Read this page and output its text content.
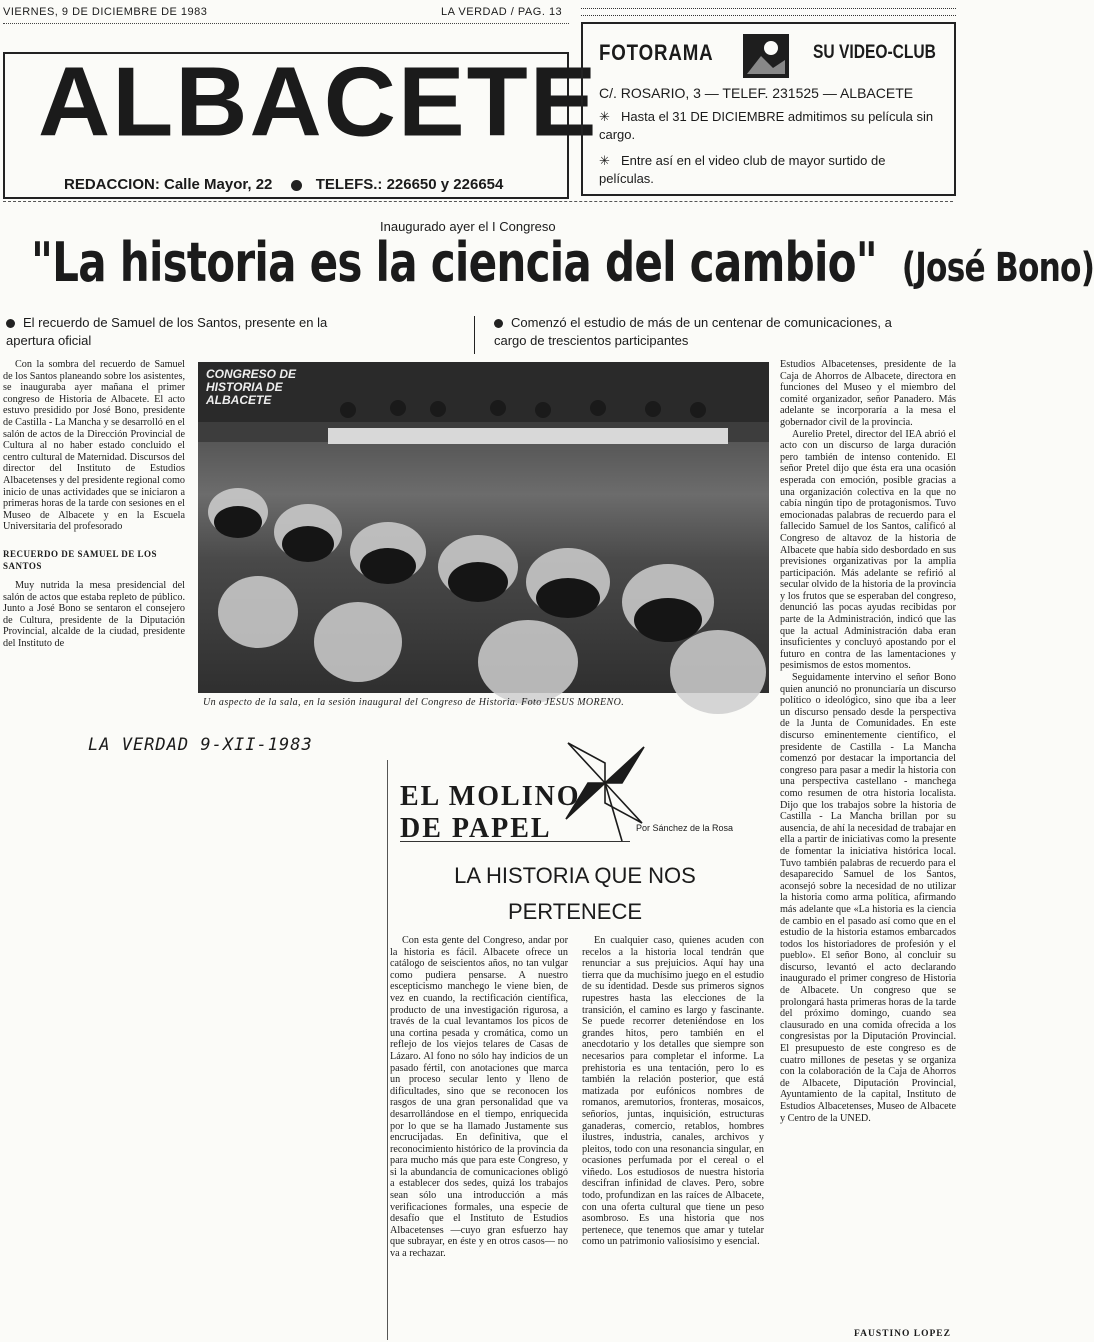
VIERNES, 9 DE DICIEMBRE DE 1983	LA VERDAD / PAG. 13
ALBACETE
REDACCION: Calle Mayor, 22	TELEFS.: 226650 y 226654
FOTORAMA	SU VIDEO-CLUB
C/. ROSARIO, 3 — TELEF. 231525 — ALBACETE
✳ Hasta el 31 DE DICIEMBRE admitimos su película sin cargo.
✳ Entre así en el video club de mayor surtido de películas.
Inaugurado ayer el I Congreso
"La historia es la ciencia del cambio" (José Bono)
El recuerdo de Samuel de los Santos, presente en la apertura oficial
Comenzó el estudio de más de un centenar de comunicaciones, a cargo de trescientos participantes

Con la sombra del recuerdo de Samuel de los Santos planeando sobre los asistentes, se inauguraba ayer mañana el primer congreso de Historia de Albacete. El acto estuvo presidido por José Bono, presidente de Castilla - La Mancha y se desarrolló en el salón de actos de la Dirección Provincial de Cultura al no haber estado concluido el centro cultural de Maternidad. Discursos del director del Instituto de Estudios Albacetenses y del presidente regional como inicio de unas actividades que se iniciaron a primeras horas de la tarde con sesiones en el Museo de Albacete y en la Escuela Universitaria del profesorado

RECUERDO DE SAMUEL DE LOS SANTOS

Muy nutrida la mesa presidencial del salón de actos que estaba repleto de público. Junto a José Bono se sentaron el consejero de Cultura, presidente de la Diputación Provincial, alcalde de la ciudad, presidente del Instituto de

CONGRESO DE HISTORIA DE ALBACETE
Un aspecto de la sala, en la sesión inaugural del Congreso de Historia. Foto JESUS MORENO.

Estudios Albacetenses, presidente de la Caja de Ahorros de Albacete, directora en funciones del Museo y el miembro del comité organizador, señor Panadero. Más adelante se incorporaría a la mesa el gobernador civil de la provincia.

Aurelio Pretel, director del IEA abrió el acto con un discurso de larga duración pero también de intenso contenido. El señor Pretel dijo que ésta era una ocasión esperada con emoción, posible gracias a una organización colectiva en la que no cabía ningún tipo de protagonismos. Tuvo emocionadas palabras de recuerdo para el fallecido Samuel de los Santos, calificó al Congreso de altavoz de la historia de Albacete que había sido desbordado en sus previsiones organizativas por la amplia participación. Más adelante se refirió al secular olvido de la historia de la provincia y los frutos que se esperaban del congreso, denunció las pocas ayudas recibidas por parte de la Administración, indicó que las que la actual Administración daba eran insuficientes y concluyó apostando por el futuro en contra de las lamentaciones y pesimismos de estos momentos.

Seguidamente intervino el señor Bono quien anunció no pronunciaría un discurso político o ideológico, sino que iba a leer un discurso pensado desde la perspectiva de la Junta de Comunidades. En este discurso eminentemente científico, el presidente de Castilla - La Mancha comenzó por destacar la importancia del congreso para pasar a medir la historia con una perspectiva castellano - manchega como resumen de otra historia localista. Dijo que los trabajos sobre la historia de Castilla - La Mancha brillan por su ausencia, de ahí la necesidad de trabajar en ella a partir de iniciativas como la presente de fomentar la iniciativa histórica local. Tuvo también palabras de recuerdo para el desaparecido Samuel de los Santos, aconsejó sobre la necesidad de no utilizar la historia como arma política, afirmando más adelante que «La historia es la ciencia de cambio en el pasado así como que en el estudio de la historia estamos embarcados todos los historiadores de profesión y el pueblo». El señor Bono, al concluir su discurso, levantó el acto declarando inaugurado el primer congreso de Historia de Albacete. Un congreso que se prolongará hasta primeras horas de la tarde del próximo domingo, cuando sea clausurado en una comida ofrecida a los congresistas por la Diputación Provincial. El presupuesto de este congreso es de cuatro millones de pesetas y se organiza con la colaboración de la Caja de Ahorros de Albacete, Diputación Provincial, Ayuntamiento de la capital, Instituto de Estudios Albacetenses, Museo de Albacete y Centro de la UNED.

FAUSTINO LOPEZ
LA VERDAD 9-XII-1983
EL MOLINO
DE PAPEL	Por Sánchez de la Rosa
LA HISTORIA QUE NOS
PERTENECE

Con esta gente del Congreso, andar por la historia es fácil. Albacete ofrece un catálogo de seiscientos años, no tan vulgar como pudiera pensarse. A nuestro escepticismo manchego le viene bien, de vez en cuando, la rectificación científica, producto de una investigación rigurosa, a través de la cual levantamos los picos de una cortina pesada y cromática, como un reflejo de los viejos telares de Casas de Lázaro. Al fono no sólo hay indicios de un pasado fértil, con anotaciones que marca un proceso secular lento y lleno de dificultades, sino que se reconocen los rasgos de una gran personalidad que va desarrollándose en el tiempo, enriquecida por lo que se ha llamado Justamente sus encrucijadas. En definitiva, que el reconocimiento histórico de la provincia da para mucho más que para este Congreso, y si la abundancia de comunicaciones obligó a establecer dos sedes, quizá los trabajos sean sólo una introducción a más verificaciones formales, una especie de desafío que el Instituto de Estudios Albacetenses —cuyo gran esfuerzo hay que subrayar, en éste y en otros casos— no va a rechazar.

En cualquier caso, quienes acuden con recelos a la historia local tendrán que renunciar a sus prejuicios. Aquí hay una tierra que da muchísimo juego en el estudio de su identidad. Desde sus primeros signos rupestres hasta las elecciones de la transición, el camino es largo y fascinante. Se puede recorrer deteniéndose en los grandes hitos, pero también en el anecdotario y los detalles que siempre son necesarios para completar el informe. La prehistoria es una tentación, pero lo es también la relación posterior, que está matizada por eufónicos nombres de romanos, aremutorios, fronteras, mosaicos, señoríos, juntas, inquisición, estructuras ganaderas, comercio, retablos, hombres ilustres, industria, canales, archivos y pleitos, todo con una resonancia singular, en ocasiones perfumada por el cereal o el viñedo. Los estudiosos de nuestra historia descifran infinidad de claves. Pero, sobre todo, profundizan en las raíces de Albacete, con una oferta cultural que tiene un peso asombroso. Es una historia que nos pertenece, que tenemos que amar y tutelar como un patrimonio valiosísimo y esencial.
